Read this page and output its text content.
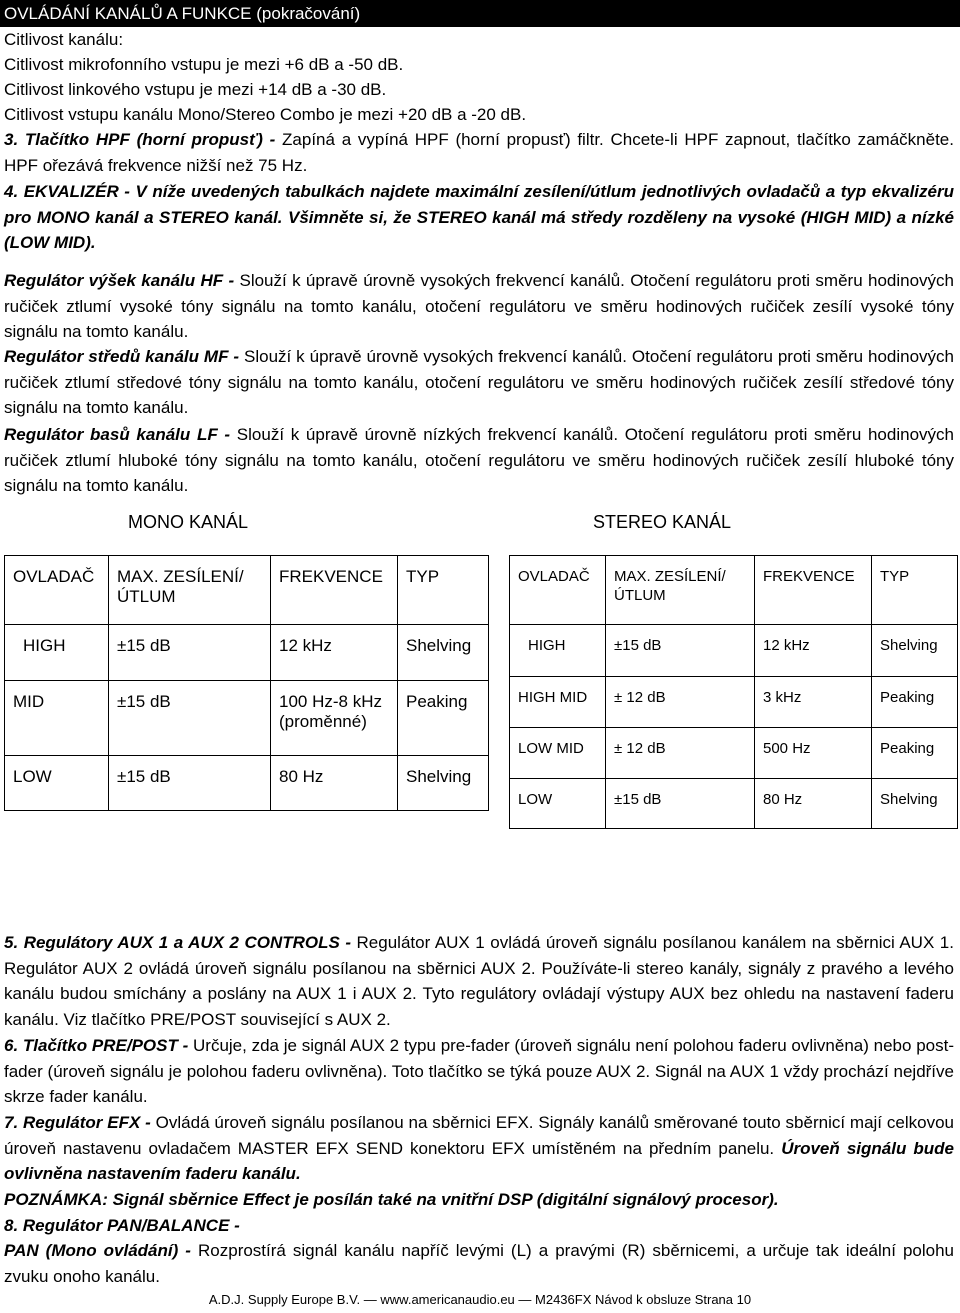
OVLÁDÁNÍ KANÁLŮ A FUNKCE (pokračování)
Citlivost kanálu:
Citlivost mikrofonního vstupu je mezi +6 dB a -50 dB.
Citlivost linkového vstupu je mezi +14 dB a -30 dB.
Citlivost vstupu kanálu Mono/Stereo Combo je mezi +20 dB a -20 dB.
3. Tlačítko HPF (horní propusť) - Zapíná a vypíná HPF (horní propusť) filtr. Chcete-li HPF zapnout, tlačítko zamáčkněte. HPF ořezává frekvence nižší než 75 Hz.
4. EKVALIZÉR - V níže uvedených tabulkách najdete maximální zesílení/útlum jednotlivých ovladačů a typ ekvalizéru pro MONO kanál a STEREO kanál. Všimněte si, že STEREO kanál má středy rozděleny na vysoké (HIGH MID) a nízké (LOW MID).
Regulátor výšek kanálu HF - Slouží k úpravě úrovně vysokých frekvencí kanálů. Otočení regulátoru proti směru hodinových ručiček ztlumí vysoké tóny signálu na tomto kanálu, otočení regulátoru ve směru hodinových ručiček zesílí vysoké tóny signálu na tomto kanálu.
Regulátor středů kanálu MF - Slouží k úpravě úrovně vysokých frekvencí kanálů. Otočení regulátoru proti směru hodinových ručiček ztlumí středové tóny signálu na tomto kanálu, otočení regulátoru ve směru hodinových ručiček zesílí středové tóny signálu na tomto kanálu.
Regulátor basů kanálu LF - Slouží k úpravě úrovně nízkých frekvencí kanálů. Otočení regulátoru proti směru hodinových ručiček ztlumí hluboké tóny signálu na tomto kanálu, otočení regulátoru ve směru hodinových ručiček zesílí hluboké tóny signálu na tomto kanálu.
MONO KANÁL	STEREO KANÁL
OVLADAČ	MAX. ZESÍLENÍ/ÚTLUM	FREKVENCE	TYP
HIGH	±15 dB	12 kHz	Shelving
MID	±15 dB	100 Hz-8 kHz (proměnné)	Peaking
LOW	±15 dB	80 Hz	Shelving
OVLADAČ	MAX. ZESÍLENÍ/ÚTLUM	FREKVENCE	TYP
HIGH	±15 dB	12 kHz	Shelving
HIGH MID	± 12 dB	3 kHz	Peaking
LOW MID	± 12 dB	500 Hz	Peaking
LOW	±15 dB	80 Hz	Shelving
5. Regulátory AUX 1 a AUX 2 CONTROLS - Regulátor AUX 1 ovládá úroveň signálu posílanou kanálem na sběrnici AUX 1. Regulátor AUX 2 ovládá úroveň signálu posílanou na sběrnici AUX 2. Používáte-li stereo kanály, signály z pravého a levého kanálu budou smíchány a poslány na AUX 1 i AUX 2. Tyto regulátory ovládají výstupy AUX bez ohledu na nastavení faderu kanálu. Viz tlačítko PRE/POST související s AUX 2.
6. Tlačítko PRE/POST - Určuje, zda je signál AUX 2 typu pre-fader (úroveň signálu není polohou faderu ovlivněna) nebo post-fader (úroveň signálu je polohou faderu ovlivněna). Toto tlačítko se týká pouze AUX 2. Signál na AUX 1 vždy prochází nejdříve skrze fader kanálu.
7. Regulátor EFX - Ovládá úroveň signálu posílanou na sběrnici EFX. Signály kanálů směrované touto sběrnicí mají celkovou úroveň nastavenu ovladačem MASTER EFX SEND konektoru EFX umístěném na předním panelu. Úroveň signálu bude ovlivněna nastavením faderu kanálu.
POZNÁMKA: Signál sběrnice Effect je posílán také na vnitřní DSP (digitální signálový procesor).
8. Regulátor PAN/BALANCE -
PAN (Mono ovládání) - Rozprostírá signál kanálu napříč levými (L) a pravými (R) sběrnicemi, a určuje tak ideální polohu zvuku onoho kanálu.
A.D.J. Supply Europe B.V. — www.americanaudio.eu — M2436FX Návod k obsluze Strana 10
